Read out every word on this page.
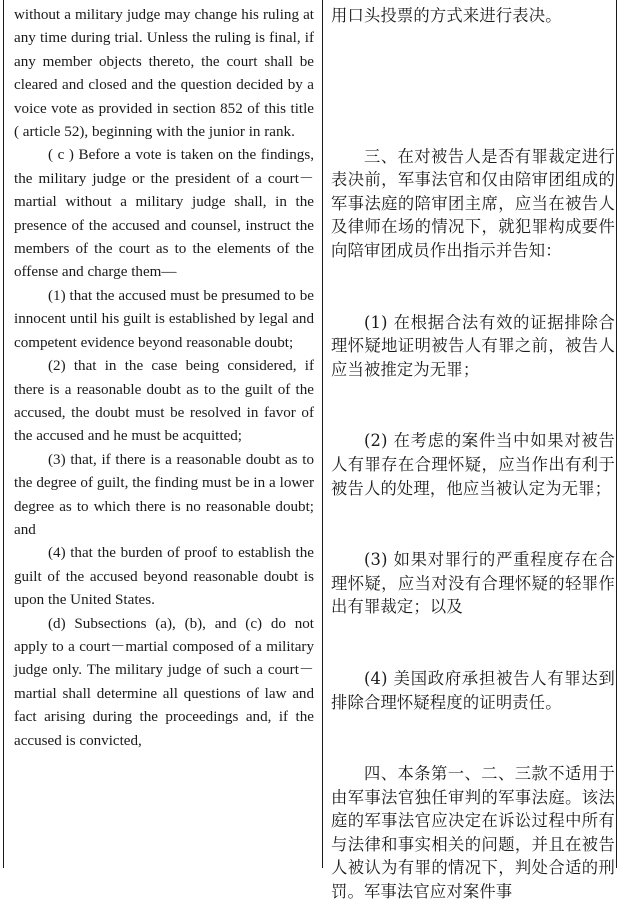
without a military judge may change his ruling at any time during trial. Unless the ruling is final, if any member objects thereto, the court shall be cleared and closed and the question decided by a voice vote as provided in section 852 of this title ( article 52), beginning with the junior in rank.

( c ) Before a vote is taken on the findings, the military judge or the president of a court－martial without a military judge shall, in the presence of the accused and counsel, instruct the members of the court as to the elements of the offense and charge them—

(1) that the accused must be presumed to be innocent until his guilt is established by legal and competent evidence beyond reasonable doubt;

(2) that in the case being considered, if there is a reasonable doubt as to the guilt of the accused, the doubt must be resolved in favor of the accused and he must be acquitted;

(3) that, if there is a reasonable doubt as to the degree of guilt, the finding must be in a lower degree as to which there is no reasonable doubt; and

(4) that the burden of proof to establish the guilt of the accused beyond reasonable doubt is upon the United States.

(d) Subsections (a), (b), and (c) do not apply to a court－martial composed of a military judge only. The military judge of such a court－martial shall determine all questions of law and fact arising during the proceedings and, if the accused is convicted,

用口头投票的方式来进行表决。

三、在对被告人是否有罪裁定进行表决前，军事法官和仅由陪审团组成的军事法庭的陪审团主席，应当在被告人及律师在场的情况下，就犯罪构成要件向陪审团成员作出指示并告知：

(1) 在根据合法有效的证据排除合理怀疑地证明被告人有罪之前，被告人应当被推定为无罪；

(2) 在考虑的案件当中如果对被告人有罪存在合理怀疑，应当作出有利于被告人的处理，他应当被认定为无罪；

(3) 如果对罪行的严重程度存在合理怀疑，应当对没有合理怀疑的轻罪作出有罪裁定；以及

(4) 美国政府承担被告人有罪达到排除合理怀疑程度的证明责任。

四、本条第一、二、三款不适用于由军事法官独任审判的军事法庭。该法庭的军事法官应决定在诉讼过程中所有与法律和事实相关的问题，并且在被告人被认为有罪的情况下，判处合适的刑罚。军事法官应对案件事
